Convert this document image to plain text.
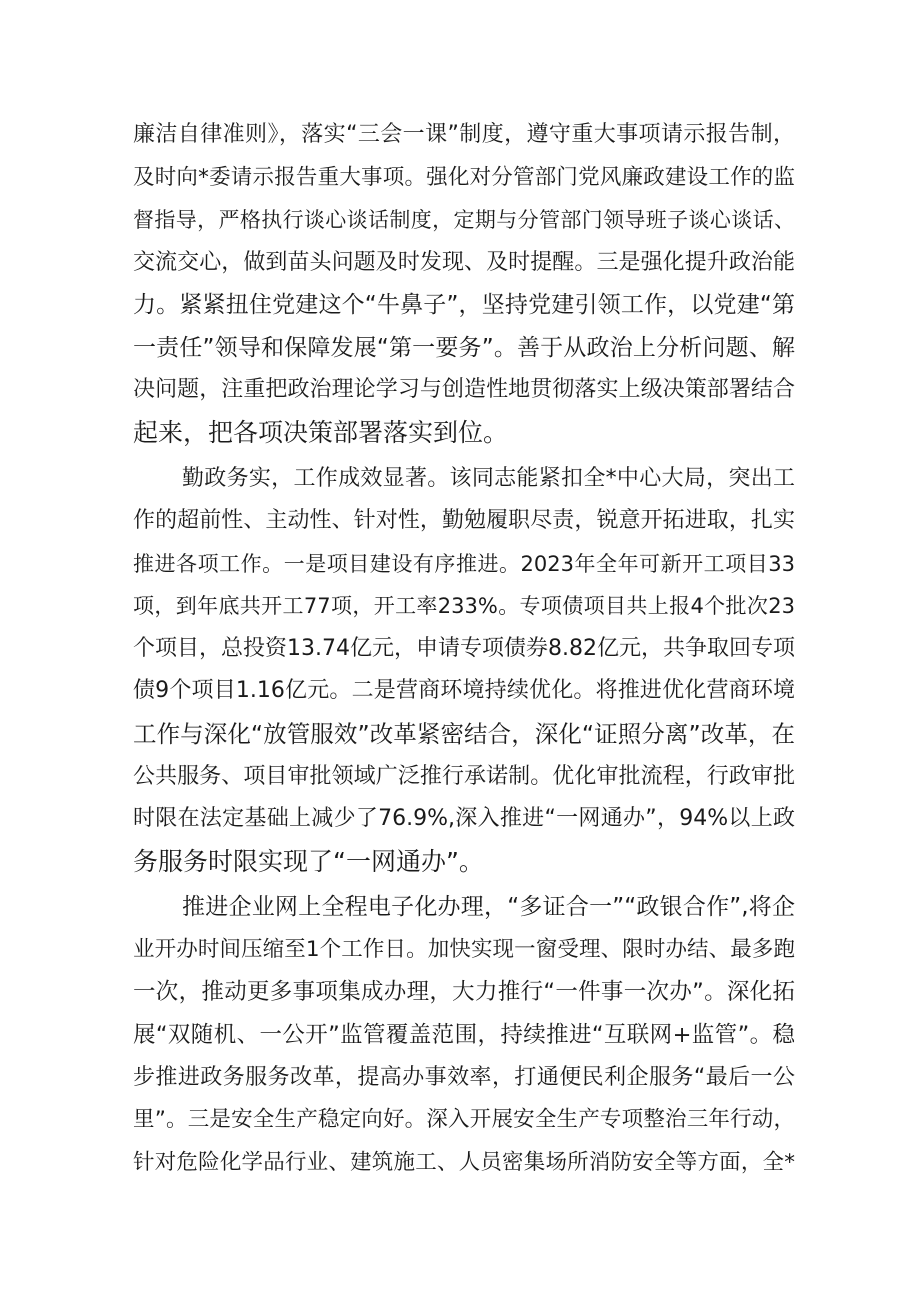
廉洁自律准则》，落实“三会一课”制度，遵守重大事项请示报告制，
及时向*委请示报告重大事项。强化对分管部门党风廉政建设工作的监
督指导，严格执行谈心谈话制度，定期与分管部门领导班子谈心谈话、
交流交心，做到苗头问题及时发现、及时提醒。三是强化提升政治能
力。紧紧扭住党建这个“牛鼻子”，坚持党建引领工作，以党建“第
一责任”领导和保障发展“第一要务”。善于从政治上分析问题、解
决问题，注重把政治理论学习与创造性地贯彻落实上级决策部署结合
起来，把各项决策部署落实到位。
勤政务实，工作成效显著。该同志能紧扣全*中心大局，突出工
作的超前性、主动性、针对性，勤勉履职尽责，锐意开拓进取，扎实
推进各项工作。一是项目建设有序推进。2023年全年可新开工项目33
项，到年底共开工77项，开工率233%。专项债项目共上报4个批次23
个项目，总投资13.74亿元，申请专项债券8.82亿元，共争取回专项
债9个项目1.16亿元。二是营商环境持续优化。将推进优化营商环境
工作与深化“放管服效”改革紧密结合，深化“证照分离”改革，在
公共服务、项目审批领域广泛推行承诺制。优化审批流程，行政审批
时限在法定基础上减少了76.9%,深入推进“一网通办”，94%以上政
务服务时限实现了“一网通办”。
推进企业网上全程电子化办理，“多证合一”“政银合作”,将企
业开办时间压缩至1个工作日。加快实现一窗受理、限时办结、最多跑
一次，推动更多事项集成办理，大力推行“一件事一次办”。深化拓
展“双随机、一公开”监管覆盖范围，持续推进“互联网+监管”。稳
步推进政务服务改革，提高办事效率，打通便民利企服务“最后一公
里”。三是安全生产稳定向好。深入开展安全生产专项整治三年行动，
针对危险化学品行业、建筑施工、人员密集场所消防安全等方面，全*
